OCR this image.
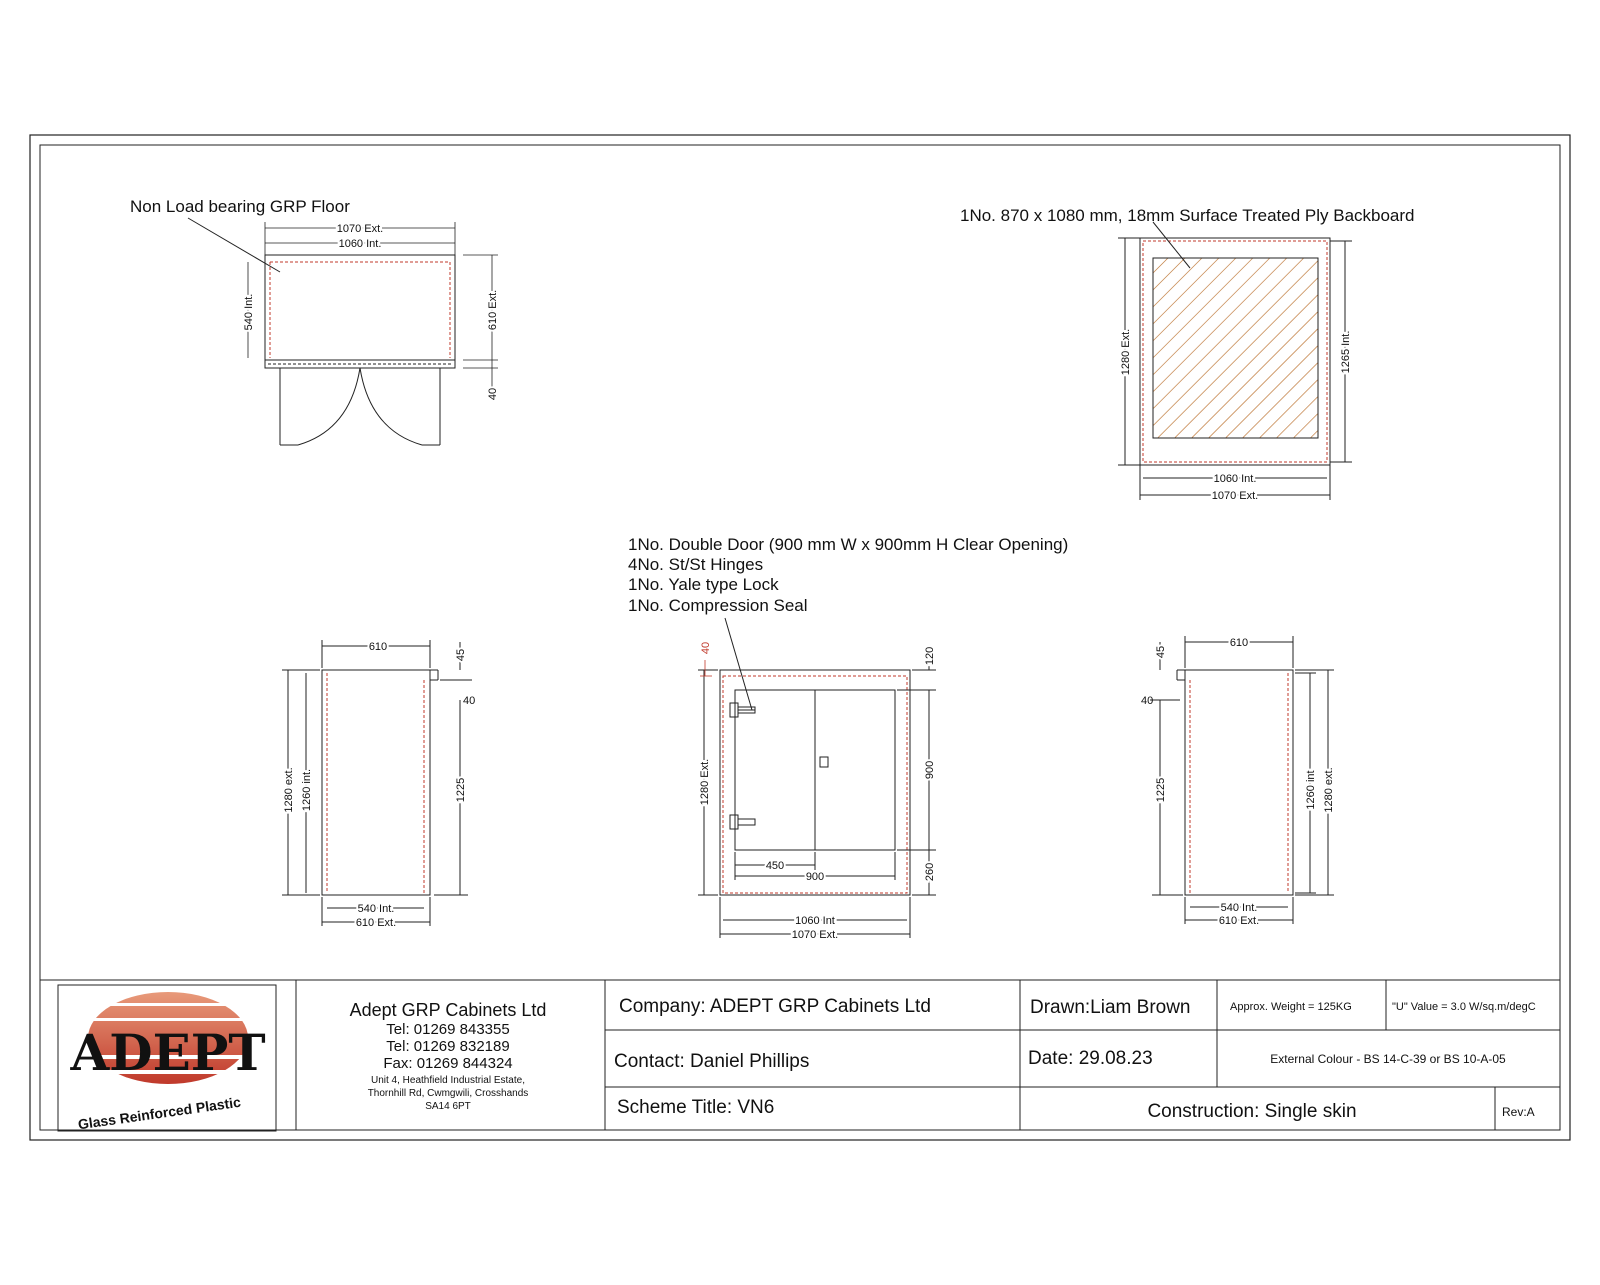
Non Load bearing GRP Floor
1070 Ext.
1060 Int.
540 Int.	610 Ext.
40
1No. 870 x 1080 mm, 18mm Surface Treated Ply Backboard
1280 Ext.	1265 Int.
1060 Int.
1070 Ext.
1No. Double Door (900 mm W x 900mm H Clear Opening)
4No. St/St Hinges
1No. Yale type Lock
1No. Compression Seal
610
45
40
1225
1280 ext. 1260 int.
540 Int.
610 Ext.
40	120
900
260
1280 Ext.
450
900
1060 Int
1070 Ext.
610
45
40
1225	1260 int 1280 ext.
540 Int.
610 Ext.
ADEPT
Glass Reinforced Plastic
Adept GRP Cabinets Ltd
Tel: 01269 843355
Tel: 01269 832189
Fax: 01269 844324
Unit 4, Heathfield Industrial Estate,
Thornhill Rd, Cwmgwili, Crosshands
SA14 6PT
Company: ADEPT GRP Cabinets Ltd	Drawn:Liam Brown	Approx. Weight = 125KG	"U" Value = 3.0 W/sq.m/degC
Contact: Daniel Phillips	Date: 29.08.23	External Colour - BS 14-C-39 or BS 10-A-05
Scheme Title: VN6	Construction: Single skin	Rev:A
